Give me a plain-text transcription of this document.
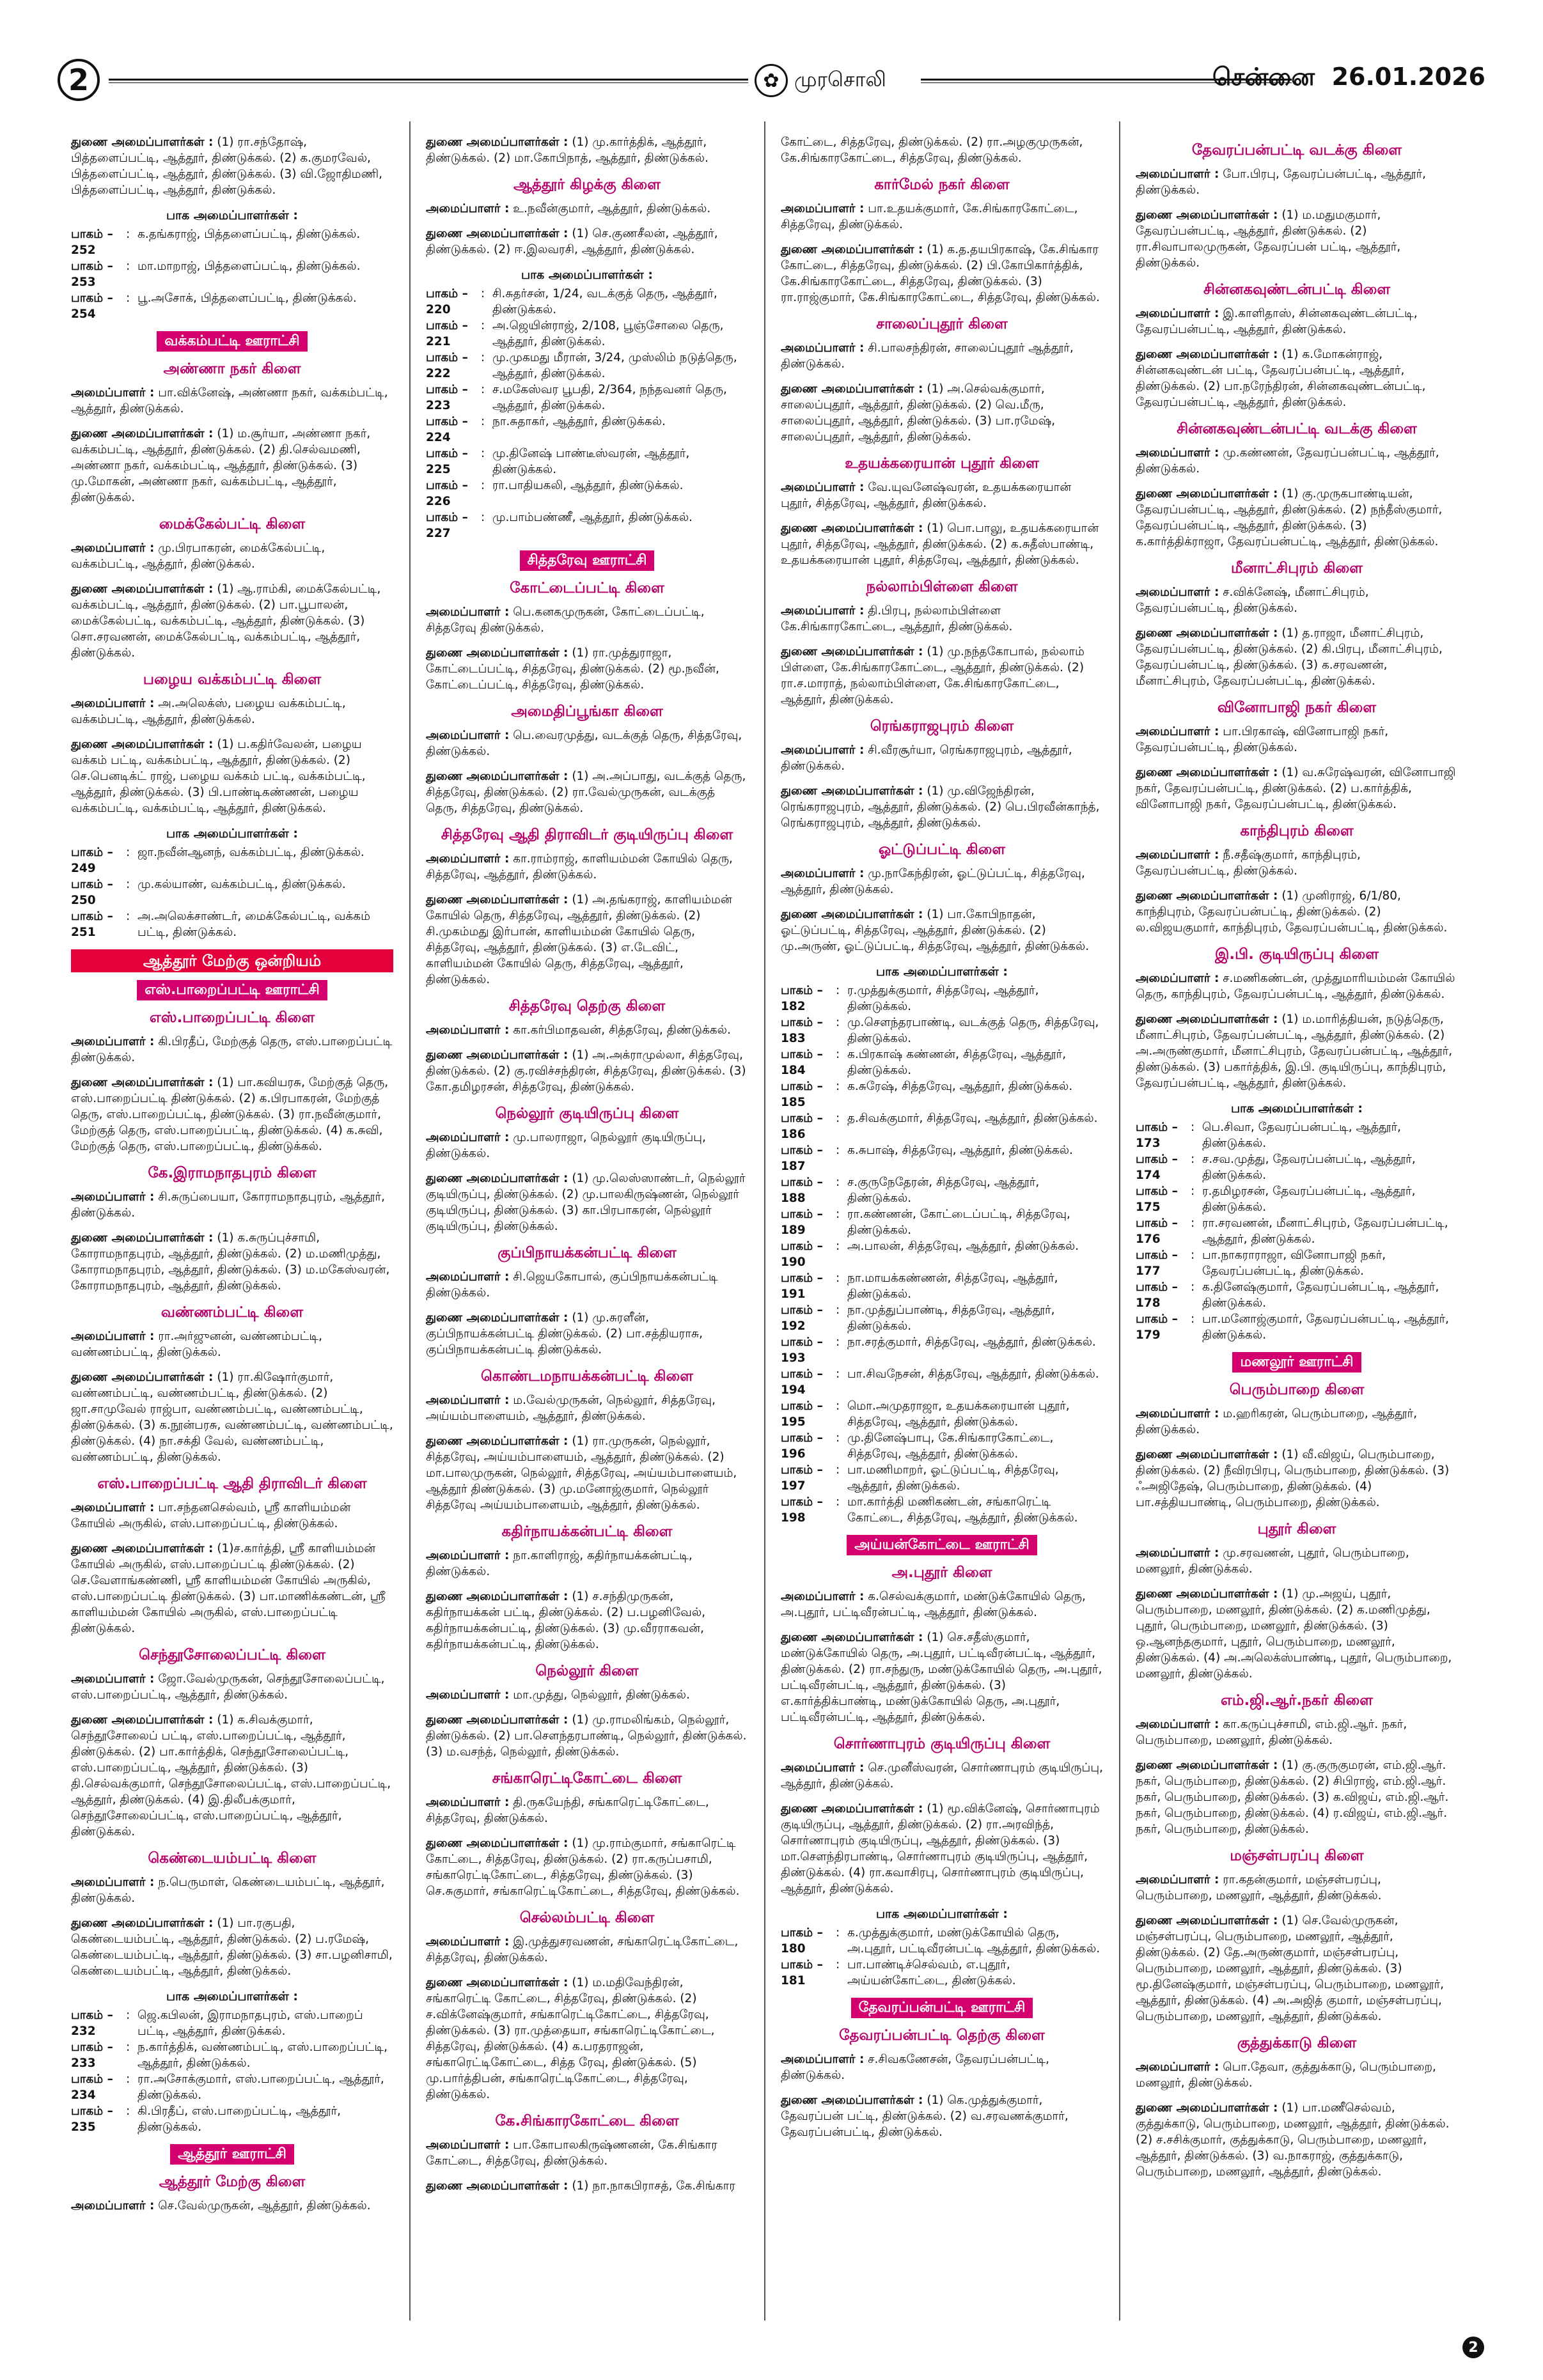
2	✿ முரசொலி	சென்னை 26.01.2026
துணை அமைப்பாளர்கள் : (1) ரா.சந்தோஷ், பித்தளைப்பட்டி, ஆத்தூர், திண்டுக்கல். (2) க.குமரவேல், பித்தளைப்பட்டி, ஆத்தூர், திண்டுக்கல். (3) வி.ஜோதிமணி, பித்தளைப்பட்டி, ஆத்தூர், திண்டுக்கல்.
பாக அமைப்பாளர்கள் :
பாகம் – 252
: க.தங்கராஜ், பித்தளைப்பட்டி, திண்டுக்கல்.
பாகம் – 253
: மா.மாறாஜ், பித்தளைப்பட்டி, திண்டுக்கல்.
பாகம் – 254
: பூ.அசோக், பித்தளைப்பட்டி, திண்டுக்கல்.
வக்கம்பட்டி ஊராட்சி
அண்ணா நகர் கிளை
அமைப்பாளர் : பா.விக்னேஷ், அண்ணா நகர், வக்கம்பட்டி, ஆத்தூர், திண்டுக்கல்.
துணை அமைப்பாளர்கள் : (1) ம.சூர்யா, அண்ணா நகர், வக்கம்பட்டி, ஆத்தூர், திண்டுக்கல். (2) தி.செல்வமணி, அண்ணா நகர், வக்கம்பட்டி, ஆத்தூர், திண்டுக்கல். (3) மு.மோகன், அண்ணா நகர், வக்கம்பட்டி, ஆத்தூர், திண்டுக்கல்.
மைக்கேல்பட்டி கிளை
அமைப்பாளர் : மு.பிரபாகரன், மைக்கேல்பட்டி, வக்கம்பட்டி, ஆத்தூர், திண்டுக்கல்.
துணை அமைப்பாளர்கள் : (1) ஆ.ராம்கி, மைக்கேல்பட்டி, வக்கம்பட்டி, ஆத்தூர், திண்டுக்கல். (2) பா.பூபாலன், மைக்கேல்பட்டி, வக்கம்பட்டி, ஆத்தூர், திண்டுக்கல். (3) சொ.சரவணன், மைக்கேல்பட்டி, வக்கம்பட்டி, ஆத்தூர், திண்டுக்கல்.
பழைய வக்கம்பட்டி கிளை
அமைப்பாளர் : அ.அலெக்ஸ், பழைய வக்கம்பட்டி, வக்கம்பட்டி, ஆத்தூர், திண்டுக்கல்.
துணை அமைப்பாளர்கள் : (1) ப.கதிர்வேலன், பழைய வக்கம் பட்டி, வக்கம்பட்டி, ஆத்தூர், திண்டுக்கல். (2) செ.பெனடிக்ட் ராஜ், பழைய வக்கம் பட்டி, வக்கம்பட்டி, ஆத்தூர், திண்டுக்கல். (3) பி.பாண்டிகண்ணன், பழைய வக்கம்பட்டி, வக்கம்பட்டி, ஆத்தூர், திண்டுக்கல்.
பாக அமைப்பாளர்கள் :
பாகம் – 249
: ஜா.நவீன்ஆனந், வக்கம்பட்டி, திண்டுக்கல்.
பாகம் – 250
: மு.கல்யாண், வக்கம்பட்டி, திண்டுக்கல்.
பாகம் – 251
: அ.அலெக்சாண்டர், மைக்கேல்பட்டி, வக்கம் பட்டி, திண்டுக்கல்.
ஆத்தூர் மேற்கு ஒன்றியம்
எஸ்.பாறைப்பட்டி ஊராட்சி
எஸ்.பாறைப்பட்டி கிளை
அமைப்பாளர் : கி.பிரதீப், மேற்குத் தெரு, எஸ்.பாறைப்பட்டி திண்டுக்கல்.
துணை அமைப்பாளர்கள் : (1) பா.கவியரசு, மேற்குத் தெரு, எஸ்.பாறைப்பட்டி திண்டுக்கல். (2) க.பிரபாகரன், மேற்குத் தெரு, எஸ்.பாறைப்பட்டி, திண்டுக்கல். (3) ரா.நவீன்குமார், மேற்குத் தெரு, எஸ்.பாறைப்பட்டி, திண்டுக்கல். (4) க.சுவி, மேற்குத் தெரு, எஸ்.பாறைப்பட்டி, திண்டுக்கல்.
கே.இராமநாதபுரம் கிளை
அமைப்பாளர் : சி.சுருப்பையா, கோராமநாதபுரம், ஆத்தூர், திண்டுக்கல்.
துணை அமைப்பாளர்கள் : (1) க.சுருப்புச்சாமி, கோராமநாதபுரம், ஆத்தூர், திண்டுக்கல். (2) ம.மணிமுத்து, கோராமநாதபுரம், ஆத்தூர், திண்டுக்கல். (3) ம.மகேஸ்வரன், கோராமநாதபுரம், ஆத்தூர், திண்டுக்கல்.
வண்ணம்பட்டி கிளை
அமைப்பாளர் : ரா.அர்ஜுனன், வண்ணம்பட்டி, வண்ணம்பட்டி, திண்டுக்கல்.
துணை அமைப்பாளர்கள் : (1) ரா.கிஷோர்குமார், வண்ணம்பட்டி, வண்ணம்பட்டி, திண்டுக்கல். (2) ஜா.சாமுவேல் ராஜ்பா, வண்ணம்பட்டி, வண்ணம்பட்டி, திண்டுக்கல். (3) க.நூன்பரசு, வண்ணம்பட்டி, வண்ணம்பட்டி, திண்டுக்கல். (4) நா.சக்தி வேல், வண்ணம்பட்டி, வண்ணம்பட்டி, திண்டுக்கல்.
எஸ்.பாறைப்பட்டி ஆதி திராவிடர் கிளை
அமைப்பாளர் : பா.சந்தனசெல்வம், ஸ்ரீ காளியம்மன் கோயில் அருகில், எஸ்.பாறைப்பட்டி, திண்டுக்கல்.
துணை அமைப்பாளர்கள் : (1)ச.கார்த்தி, ஸ்ரீ காளியம்மன் கோயில் அருகில், எஸ்.பாறைப்பட்டி திண்டுக்கல். (2) செ.வேளாங்கண்ணி, ஸ்ரீ காளியம்மன் கோயில் அருகில், எஸ்.பாறைப்பட்டி திண்டுக்கல். (3) பா.மாணிக்கண்டன், ஸ்ரீ காளியம்மன் கோயில் அருகில், எஸ்.பாறைப்பட்டி திண்டுக்கல்.
செந்தூசோலைப்பட்டி கிளை
அமைப்பாளர் : ஜோ.வேல்முருகன், செந்தூசோலைப்பட்டி, எஸ்.பாறைப்பட்டி, ஆத்தூர், திண்டுக்கல்.
துணை அமைப்பாளர்கள் : (1) க.சிவக்குமார், செந்தூசோலைப் பட்டி, எஸ்.பாறைப்பட்டி, ஆத்தூர், திண்டுக்கல். (2) பா.கார்த்திக், செந்தூசோலைப்பட்டி, எஸ்.பாறைப்பட்டி, ஆத்தூர், திண்டுக்கல். (3) தி.செல்வக்குமார், செந்தூசோலைப்பட்டி, எஸ்.பாறைப்பட்டி, ஆத்தூர், திண்டுக்கல். (4) இ.திலீபக்குமார், செந்தூசோலைப்பட்டி, எஸ்.பாறைப்பட்டி, ஆத்தூர், திண்டுக்கல்.
கெண்டையம்பட்டி கிளை
அமைப்பாளர் : ந.பெருமாள், கெண்டையம்பட்டி, ஆத்தூர், திண்டுக்கல்.
துணை அமைப்பாளர்கள் : (1) பா.ரகுபதி, கெண்டையம்பட்டி, ஆத்தூர், திண்டுக்கல். (2) ப.ரமேஷ், கெண்டையம்பட்டி, ஆத்தூர், திண்டுக்கல். (3) சா.பழனிசாமி, கெண்டையம்பட்டி, ஆத்தூர், திண்டுக்கல்.
பாக அமைப்பாளர்கள் :
பாகம் – 232
: ஜெ.கபிலன், இராமநாதபுரம், எஸ்.பாறைப் பட்டி, ஆத்தூர், திண்டுக்கல்.
பாகம் – 233
: ந.கார்த்திக், வண்ணம்பட்டி, எஸ்.பாறைப்பட்டி, ஆத்தூர், திண்டுக்கல்.
பாகம் – 234
: ரா.அசோக்குமார், எஸ்.பாறைப்பட்டி, ஆத்தூர், திண்டுக்கல்.
பாகம் – 235
: கி.பிரதீப், எஸ்.பாறைப்பட்டி, ஆத்தூர், திண்டுக்கல்.
ஆத்தூர் ஊராட்சி
ஆத்தூர் மேற்கு கிளை
அமைப்பாளர் : செ.வேல்முருகன், ஆத்தூர், திண்டுக்கல்.
துணை அமைப்பாளர்கள் : (1) மு.கார்த்திக், ஆத்தூர், திண்டுக்கல். (2) மா.கோபிநாத், ஆத்தூர், திண்டுக்கல்.
ஆத்தூர் கிழக்கு கிளை
அமைப்பாளர் : உ.நவீன்குமார், ஆத்தூர், திண்டுக்கல்.
துணை அமைப்பாளர்கள் : (1) செ.குணசீலன், ஆத்தூர், திண்டுக்கல். (2) ஈ.இலவரசி, ஆத்தூர், திண்டுக்கல்.
பாக அமைப்பாளர்கள் :
பாகம் – 220
: சி.சுதர்சன், 1/24, வடக்குத் தெரு, ஆத்தூர், திண்டுக்கல்.
பாகம் – 221
: அ.ஜெயின்ராஜ், 2/108, பூஞ்சோலை தெரு, ஆத்தூர், திண்டுக்கல்.
பாகம் – 222
: மு.முகமது மீரான், 3/24, முஸ்லிம் நடுத்தெரு, ஆத்தூர், திண்டுக்கல்.
பாகம் – 223
: ச.மகேஸ்வர பூபதி, 2/364, நந்தவனர் தெரு, ஆத்தூர், திண்டுக்கல்.
பாகம் – 224
: நா.சுதாகர், ஆத்தூர், திண்டுக்கல்.
பாகம் – 225
: மு.தினேஷ் பாண்டீஸ்வரன், ஆத்தூர், திண்டுக்கல்.
பாகம் – 226
: ரா.பாதியகலி, ஆத்தூர், திண்டுக்கல்.
பாகம் – 227
: மு.பாம்பண்ணீ, ஆத்தூர், திண்டுக்கல்.
சித்தரேவு ஊராட்சி
கோட்டைப்பட்டி கிளை
அமைப்பாளர் : பெ.கனகமுருகன், கோட்டைப்பட்டி, சித்தரேவு திண்டுக்கல்.
துணை அமைப்பாளர்கள் : (1) ரா.முத்துராஜா, கோட்டைப்பட்டி, சித்தரேவு, திண்டுக்கல். (2) மூ.நவீன், கோட்டைப்பட்டி, சித்தரேவு, திண்டுக்கல்.
அமைதிப்பூங்கா கிளை
அமைப்பாளர் : பெ.வைரமுத்து, வடக்குத் தெரு, சித்தரேவு, திண்டுக்கல்.
துணை அமைப்பாளர்கள் : (1) அ.அப்பாது, வடக்குத் தெரு, சித்தரேவு, திண்டுக்கல். (2) ரா.வேல்முருகன், வடக்குத் தெரு, சித்தரேவு, திண்டுக்கல்.
சித்தரேவு ஆதி திராவிடர் குடியிருப்பு கிளை
அமைப்பாளர் : கா.ராம்ராஜ், காளியம்மன் கோயில் தெரு, சித்தரேவு, ஆத்தூர், திண்டுக்கல்.
துணை அமைப்பாளர்கள் : (1) அ.தங்கராஜ், காளியம்மன் கோயில் தெரு, சித்தரேவு, ஆத்தூர், திண்டுக்கல். (2) சி.முகம்மது இர்பான், காளியம்மன் கோயில் தெரு, சித்தரேவு, ஆத்தூர், திண்டுக்கல். (3) எ.டேவிட், காளியம்மன் கோயில் தெரு, சித்தரேவு, ஆத்தூர், திண்டுக்கல்.
சித்தரேவு தெற்கு கிளை
அமைப்பாளர் : கா.கர்பிமாதவன், சித்தரேவு, திண்டுக்கல்.
துணை அமைப்பாளர்கள் : (1) அ.அக்ராமுல்லா, சித்தரேவு, திண்டுக்கல். (2) கு.ரவிச்சந்திரன், சித்தரேவு, திண்டுக்கல். (3) கோ.தமிழரசன், சித்தரேவு, திண்டுக்கல்.
நெல்லூர் குடியிருப்பு கிளை
அமைப்பாளர் : மு.பாலராஜா, நெல்லூர் குடியிருப்பு, திண்டுக்கல்.
துணை அமைப்பாளர்கள் : (1) மு.லெஸ்ஸாண்டர், நெல்லூர் குடியிருப்பு, திண்டுக்கல். (2) மு.பாலகிருஷ்ணன், நெல்லூர் குடியிருப்பு, திண்டுக்கல். (3) கா.பிரபாகரன், நெல்லூர் குடியிருப்பு, திண்டுக்கல்.
குப்பிநாயக்கன்பட்டி கிளை
அமைப்பாளர் : சி.ஜெயகோபால், குப்பிநாயக்கன்பட்டி திண்டுக்கல்.
துணை அமைப்பாளர்கள் : (1) மு.சுரளீன், குப்பிநாயக்கன்பட்டி திண்டுக்கல். (2) பா.சத்தியராசு, குப்பிநாயக்கன்பட்டி திண்டுக்கல்.
கொண்டமநாயக்கன்பட்டி கிளை
அமைப்பாளர் : ம.வேல்முருகன், நெல்லூர், சித்தரேவு, அய்யம்பாளையம், ஆத்தூர், திண்டுக்கல்.
துணை அமைப்பாளர்கள் : (1) ரா.முருகன், நெல்லூர், சித்தரேவு, அய்யம்பாளையம், ஆத்தூர், திண்டுக்கல். (2) மா.பாலமுருகன், நெல்லூர், சித்தரேவு, அய்யம்பாளையம், ஆத்தூர் திண்டுக்கல். (3) மு.மனோஜ்குமார், நெல்லூர் சித்தரேவு அய்யம்பாளையம், ஆத்தூர், திண்டுக்கல்.
கதிர்நாயக்கன்பட்டி கிளை
அமைப்பாளர் : நா.காளிராஜ், கதிர்நாயக்கன்பட்டி, திண்டுக்கல்.
துணை அமைப்பாளர்கள் : (1) ச.சந்திமுருகன், கதிர்நாயக்கன் பட்டி, திண்டுக்கல். (2) ப.பழனிவேல், கதிர்நாயக்கன்பட்டி, திண்டுக்கல். (3) மு.வீரராகவன், கதிர்நாயக்கன்பட்டி, திண்டுக்கல்.
நெல்லூர் கிளை
அமைப்பாளர் : மா.முத்து, நெல்லூர், திண்டுக்கல்.
துணை அமைப்பாளர்கள் : (1) மு.ராமலிங்கம், நெல்லூர், திண்டுக்கல். (2) பா.சௌந்தரபாண்டி, நெல்லூர், திண்டுக்கல். (3) ம.வசந்த், நெல்லூர், திண்டுக்கல்.
சங்காரெட்டிகோட்டை கிளை
அமைப்பாளர் : தி.ருகயேந்தி, சங்காரெட்டிகோட்டை, சித்தரேவு, திண்டுக்கல்.
துணை அமைப்பாளர்கள் : (1) மு.ராம்குமார், சங்காரெட்டி கோட்டை, சித்தரேவு, திண்டுக்கல். (2) ரா.கருப்பசாமி, சங்காரெட்டிகோட்டை, சித்தரேவு, திண்டுக்கல். (3) செ.சுகுமார், சங்காரெட்டிகோட்டை, சித்தரேவு, திண்டுக்கல்.
செல்லம்பட்டி கிளை
அமைப்பாளர் : இ.முத்துசரவணன், சங்காரெட்டிகோட்டை, சித்தரேவு, திண்டுக்கல்.
துணை அமைப்பாளர்கள் : (1) ம.மதிவேந்திரன், சங்காரெட்டி கோட்டை, சித்தரேவு, திண்டுக்கல். (2) ச.விக்னேஷ்குமார், சங்காரெட்டிகோட்டை, சித்தரேவு, திண்டுக்கல். (3) ரா.முத்தையா, சங்காரெட்டிகோட்டை, சித்தரேவு, திண்டுக்கல். (4) க.பரதராஜன், சங்காரெட்டிகோட்டை, சித்த ரேவு, திண்டுக்கல். (5) மு.பார்த்திபன், சங்காரெட்டிகோட்டை, சித்தரேவு, திண்டுக்கல்.
கே.சிங்காரகோட்டை கிளை
அமைப்பாளர் : பா.கோபாலகிருஷ்ணனன், கே.சிங்கார கோட்டை, சித்தரேவு, திண்டுக்கல்.
துணை அமைப்பாளர்கள் : (1) நா.நாகபிராசத், கே.சிங்கார
கோட்டை, சித்தரேவு, திண்டுக்கல். (2) ரா.அழகுமுருகன், கே.சிங்காரகோட்டை, சித்தரேவு, திண்டுக்கல்.
கார்மேல் நகர் கிளை
அமைப்பாளர் : பா.உதயக்குமார், கே.சிங்காரகோட்டை, சித்தரேவு, திண்டுக்கல்.
துணை அமைப்பாளர்கள் : (1) க.த.தயபிரகாஷ், கே.சிங்கார கோட்டை, சித்தரேவு, திண்டுக்கல். (2) பி.கோபிகார்த்திக், கே.சிங்காரகோட்டை, சித்தரேவு, திண்டுக்கல். (3) ரா.ராஜ்குமார், கே.சிங்காரகோட்டை, சித்தரேவு, திண்டுக்கல்.
சாலைப்புதூர் கிளை
அமைப்பாளர் : சி.பாலசந்திரன், சாலைப்புதூர் ஆத்தூர், திண்டுக்கல்.
துணை அமைப்பாளர்கள் : (1) அ.செல்வக்குமார், சாலைப்புதூர், ஆத்தூர், திண்டுக்கல். (2) வெ.மீரு, சாலைப்புதூர், ஆத்தூர், திண்டுக்கல். (3) பா.ரமேஷ், சாலைப்புதூர், ஆத்தூர், திண்டுக்கல்.
உதயக்கரையான் புதூர் கிளை
அமைப்பாளர் : வே.யுவனேஷ்வரன், உதயக்கரையான் புதூர், சித்தரேவு, ஆத்தூர், திண்டுக்கல்.
துணை அமைப்பாளர்கள் : (1) பொ.பாலு, உதயக்கரையான் புதூர், சித்தரேவு, ஆத்தூர், திண்டுக்கல். (2) க.சுதீஸ்பாண்டி, உதயக்கரையான் புதூர், சித்தரேவு, ஆத்தூர், திண்டுக்கல்.
நல்லாம்பிள்ளை கிளை
அமைப்பாளர் : தி.பிரபு, நல்லாம்பிள்ளை கே.சிங்காரகோட்டை, ஆத்தூர், திண்டுக்கல்.
துணை அமைப்பாளர்கள் : (1) மு.நந்தகோபால், நல்லாம் பிள்ளை, கே.சிங்காரகோட்டை, ஆத்தூர், திண்டுக்கல். (2) ரா.ச.மாராத், நல்லாம்பிள்ளை, கே.சிங்காரகோட்டை, ஆத்தூர், திண்டுக்கல்.
ரெங்கராஜபுரம் கிளை
அமைப்பாளர் : சி.வீரசூர்யா, ரெங்கராஜபுரம், ஆத்தூர், திண்டுக்கல்.
துணை அமைப்பாளர்கள் : (1) மு.விஜேந்திரன், ரெங்கராஜபுரம், ஆத்தூர், திண்டுக்கல். (2) பெ.பிரவீன்காந்த், ரெங்கராஜபுரம், ஆத்தூர், திண்டுக்கல்.
ஓட்டுப்பட்டி கிளை
அமைப்பாளர் : மு.நாகேந்திரன், ஓட்டுப்பட்டி, சித்தரேவு, ஆத்தூர், திண்டுக்கல்.
துணை அமைப்பாளர்கள் : (1) பா.கோபிநாதன், ஓட்டுப்பட்டி, சித்தரேவு, ஆத்தூர், திண்டுக்கல். (2) மு.அருண், ஓட்டுப்பட்டி, சித்தரேவு, ஆத்தூர், திண்டுக்கல்.
பாக அமைப்பாளர்கள் :
பாகம் – 182
: ர.முத்துக்குமார், சித்தரேவு, ஆத்தூர், திண்டுக்கல்.
பாகம் – 183
: மு.சௌந்தரபாண்டி, வடக்குத் தெரு, சித்தரேவு, திண்டுக்கல்.
பாகம் – 184
: க.பிரகாஷ் கண்ணன், சித்தரேவு, ஆத்தூர், திண்டுக்கல்.
பாகம் – 185
: க.சுரேஷ், சித்தரேவு, ஆத்தூர், திண்டுக்கல்.
பாகம் – 186
: த.சிவக்குமார், சித்தரேவு, ஆத்தூர், திண்டுக்கல்.
பாகம் – 187
: க.சுபாஷ், சித்தரேவு, ஆத்தூர், திண்டுக்கல்.
பாகம் – 188
: ச.குருநேதேரன், சித்தரேவு, ஆத்தூர், திண்டுக்கல்.
பாகம் – 189
: ரா.கண்ணன், கோட்டைப்பட்டி, சித்தரேவு, திண்டுக்கல்.
பாகம் – 190
: அ.பாலன், சித்தரேவு, ஆத்தூர், திண்டுக்கல்.
பாகம் – 191
: நா.மாயக்கண்ணன், சித்தரேவு, ஆத்தூர், திண்டுக்கல்.
பாகம் – 192
: நா.முத்துப்பாண்டி, சித்தரேவு, ஆத்தூர், திண்டுக்கல்.
பாகம் – 193
: நா.சரத்குமார், சித்தரேவு, ஆத்தூர், திண்டுக்கல்.
பாகம் – 194
: பா.சிவநேசன், சித்தரேவு, ஆத்தூர், திண்டுக்கல்.
பாகம் – 195
: மொ.அமுதராஜா, உதயக்கரையான் புதூர், சித்தரேவு, ஆத்தூர், திண்டுக்கல்.
பாகம் – 196
: மு.தினேஷ்பாபு, கே.சிங்காரகோட்டை, சித்தரேவு, ஆத்தூர், திண்டுக்கல்.
பாகம் – 197
: பா.மணிமாறர், ஓட்டுப்பட்டி, சித்தரேவு, ஆத்தூர், திண்டுக்கல்.
பாகம் – 198
: மா.கார்த்தி மணிகண்டன், சங்காரெட்டி கோட்டை, சித்தரேவு, ஆத்தூர், திண்டுக்கல்.
அய்யன்கோட்டை ஊராட்சி
அ.புதூர் கிளை
அமைப்பாளர் : க.செல்வக்குமார், மண்டுக்கோயில் தெரு, அ.புதூர், பட்டிவீரன்பட்டி, ஆத்தூர், திண்டுக்கல்.
துணை அமைப்பாளர்கள் : (1) செ.சதீஸ்குமார், மண்டுக்கோயில் தெரு, அ.புதூர், பட்டிவீரன்பட்டி, ஆத்தூர், திண்டுக்கல். (2) ரா.சந்துரு, மண்டுக்கோயில் தெரு, அ.புதூர், பட்டிவீரன்பட்டி, ஆத்தூர், திண்டுக்கல். (3) எ.கார்த்திக்பாண்டி, மண்டுக்கோயில் தெரு, அ.புதூர், பட்டிவீரன்பட்டி, ஆத்தூர், திண்டுக்கல்.
சொர்ணாபுரம் குடியிருப்பு கிளை
அமைப்பாளர் : செ.முனீஸ்வரன், சொர்ணாபுரம் குடியிருப்பு, ஆத்தூர், திண்டுக்கல்.
துணை அமைப்பாளர்கள் : (1) மூ.விக்னேஷ், சொர்ணாபுரம் குடியிருப்பு, ஆத்தூர், திண்டுக்கல். (2) ரா.அரவிந்த், சொர்ணாபுரம் குடியிருப்பு, ஆத்தூர், திண்டுக்கல். (3) மா.சௌந்திரபாண்டி, சொர்ணாபுரம் குடியிருப்பு, ஆத்தூர், திண்டுக்கல். (4) ரா.கவாசிரபு, சொர்ணாபுரம் குடியிருப்பு, ஆத்தூர், திண்டுக்கல்.
பாக அமைப்பாளர்கள் :
பாகம் – 180
: க.முத்துக்குமார், மண்டுக்கோயில் தெரு, அ.புதூர், பட்டிவீரன்பட்டி ஆத்தூர், திண்டுக்கல்.
பாகம் – 181
: பா.பாண்டிச்செல்வம், எ.புதூர், அய்யன்கோட்டை, திண்டுக்கல்.
தேவரப்பன்பட்டி ஊராட்சி
தேவரப்பன்பட்டி தெற்கு கிளை
அமைப்பாளர் : ச.சிவகணேசன், தேவரப்பன்பட்டி, திண்டுக்கல்.
துணை அமைப்பாளர்கள் : (1) கெ.முத்துக்குமார், தேவரப்பன் பட்டி, திண்டுக்கல். (2) வ.சரவணக்குமார், தேவரப்பன்பட்டி, திண்டுக்கல்.
தேவரப்பன்பட்டி வடக்கு கிளை
அமைப்பாளர் : போ.பிரபு, தேவரப்பன்பட்டி, ஆத்தூர், திண்டுக்கல்.
துணை அமைப்பாளர்கள் : (1) ம.மதுமகுமார், தேவரப்பன்பட்டி, ஆத்தூர், திண்டுக்கல். (2) ரா.சிவாபாலமுருகன், தேவரப்பன் பட்டி, ஆத்தூர், திண்டுக்கல்.
சின்னகவுண்டன்பட்டி கிளை
அமைப்பாளர் : இ.காளிதாஸ், சின்னகவுண்டன்பட்டி, தேவரப்பன்பட்டி, ஆத்தூர், திண்டுக்கல்.
துணை அமைப்பாளர்கள் : (1) க.மோகன்ராஜ், சின்னகவுண்டன் பட்டி, தேவரப்பன்பட்டி, ஆத்தூர், திண்டுக்கல். (2) பா.நரேந்திரன், சின்னகவுண்டன்பட்டி, தேவரப்பன்பட்டி, ஆத்தூர், திண்டுக்கல்.
சின்னகவுண்டன்பட்டி வடக்கு கிளை
அமைப்பாளர் : மு.கண்ணன், தேவரப்பன்பட்டி, ஆத்தூர், திண்டுக்கல்.
துணை அமைப்பாளர்கள் : (1) கு.முருகபாண்டியன், தேவரப்பன்பட்டி, ஆத்தூர், திண்டுக்கல். (2) நந்தீஸ்குமார், தேவரப்பன்பட்டி, ஆத்தூர், திண்டுக்கல். (3) க.கார்த்திக்ராஜா, தேவரப்பன்பட்டி, ஆத்தூர், திண்டுக்கல்.
மீனாட்சிபுரம் கிளை
அமைப்பாளர் : ச.விக்னேஷ், மீனாட்சிபுரம், தேவரப்பன்பட்டி, திண்டுக்கல்.
துணை அமைப்பாளர்கள் : (1) த.ராஜா, மீனாட்சிபுரம், தேவரப்பன்பட்டி, திண்டுக்கல். (2) கி.பிரபு, மீனாட்சிபுரம், தேவரப்பன்பட்டி, திண்டுக்கல். (3) க.சரவணன், மீனாட்சிபுரம், தேவரப்பன்பட்டி, திண்டுக்கல்.
வினோபாஜி நகர் கிளை
அமைப்பாளர் : பா.பிரகாஷ், வினோபாஜி நகர், தேவரப்பன்பட்டி, திண்டுக்கல்.
துணை அமைப்பாளர்கள் : (1) வ.சுரேஷ்வரன், வினோபாஜி நகர், தேவரப்பன்பட்டி, திண்டுக்கல். (2) ப.கார்த்திக், வினோபாஜி நகர், தேவரப்பன்பட்டி, திண்டுக்கல்.
காந்திபுரம் கிளை
அமைப்பாளர் : நீ.சதீஷ்குமார், காந்திபுரம், தேவரப்பன்பட்டி, திண்டுக்கல்.
துணை அமைப்பாளர்கள் : (1) முனிராஜ், 6/1/80, காந்திபுரம், தேவரப்பன்பட்டி, திண்டுக்கல். (2) ல.விஜயகுமார், காந்திபுரம், தேவரப்பன்பட்டி, திண்டுக்கல்.
இ.பி. குடியிருப்பு கிளை
அமைப்பாளர் : ச.மணிகண்டன், முத்துமாரியம்மன் கோயில் தெரு, காந்திபுரம், தேவரப்பன்பட்டி, ஆத்தூர், திண்டுக்கல்.
துணை அமைப்பாளர்கள் : (1) ம.மாரித்தியன், நடுத்தெரு, மீனாட்சிபுரம், தேவரப்பன்பட்டி, ஆத்தூர், திண்டுக்கல். (2) அ.அருண்குமார், மீனாட்சிபுரம், தேவரப்பன்பட்டி, ஆத்தூர், திண்டுக்கல். (3) பகார்த்திக், இ.பி. குடியிருப்பு, காந்திபுரம், தேவரப்பன்பட்டி, ஆத்தூர், திண்டுக்கல்.
பாக அமைப்பாளர்கள் :
பாகம் – 173
: பெ.சிவா, தேவரப்பன்பட்டி, ஆத்தூர், திண்டுக்கல்.
பாகம் – 174
: ச.சவ.முத்து, தேவரப்பன்பட்டி, ஆத்தூர், திண்டுக்கல்.
பாகம் – 175
: ர.தமிழரசன், தேவரப்பன்பட்டி, ஆத்தூர், திண்டுக்கல்.
பாகம் – 176
: ரா.சரவணன், மீனாட்சிபுரம், தேவரப்பன்பட்டி, ஆத்தூர், திண்டுக்கல்.
பாகம் – 177
: பா.நாகராராஜா, வினோபாஜி நகர், தேவரப்பன்பட்டி, திண்டுக்கல்.
பாகம் – 178
: க.தினேஷ்குமார், தேவரப்பன்பட்டி, ஆத்தூர், திண்டுக்கல்.
பாகம் – 179
: பா.மனோஜ்குமார், தேவரப்பன்பட்டி, ஆத்தூர், திண்டுக்கல்.
மணலூர் ஊராட்சி
பெரும்பாறை கிளை
அமைப்பாளர் : ம.ஹரிகரன், பெரும்பாறை, ஆத்தூர், திண்டுக்கல்.
துணை அமைப்பாளர்கள் : (1) வீ.விஜய், பெரும்பாறை, திண்டுக்கல். (2) நீவிரபிரபு, பெரும்பாறை, திண்டுக்கல். (3) ஃஅஜிதேஷ், பெரும்பாறை, திண்டுக்கல். (4) பா.சத்தியபாண்டி, பெரும்பாறை, திண்டுக்கல்.
புதூர் கிளை
அமைப்பாளர் : மு.சரவணன், புதூர், பெரும்பாறை, மணலூர், திண்டுக்கல்.
துணை அமைப்பாளர்கள் : (1) மு.அஜய், புதூர், பெரும்பாறை, மணலூர், திண்டுக்கல். (2) க.மணிமுத்து, புதூர், பெரும்பாறை, மணலூர், திண்டுக்கல். (3) ஒ.ஆனந்தகுமார், புதூர், பெரும்பாறை, மணலூர், திண்டுக்கல். (4) அ.அலெக்ஸ்பாண்டி, புதூர், பெரும்பாறை, மணலூர், திண்டுக்கல்.
எம்.ஜி.ஆர்.நகர் கிளை
அமைப்பாளர் : கா.கருப்புச்சாமி, எம்.ஜி.ஆர். நகர், பெரும்பாறை, மணலூர், திண்டுக்கல்.
துணை அமைப்பாளர்கள் : (1) கு.குருகுமரன், எம்.ஜி.ஆர். நகர், பெரும்பாறை, திண்டுக்கல். (2) சிபிராஜ், எம்.ஜி.ஆர். நகர், பெரும்பாறை, திண்டுக்கல். (3) க.விஜய், எம்.ஜி.ஆர். நகர், பெரும்பாறை, திண்டுக்கல். (4) ர.விஜய், எம்.ஜி.ஆர். நகர், பெரும்பாறை, திண்டுக்கல்.
மஞ்சள்பரப்பு கிளை
அமைப்பாளர் : ரா.கதன்குமார், மஞ்சள்பரப்பு, பெரும்பாறை, மணலூர், ஆத்தூர், திண்டுக்கல்.
துணை அமைப்பாளர்கள் : (1) செ.வேல்முருகன், மஞ்சள்பரப்பு, பெரும்பாறை, மணலூர், ஆத்தூர், திண்டுக்கல். (2) தே.அருண்குமார், மஞ்சள்பரப்பு, பெரும்பாறை, மணலூர், ஆத்தூர், திண்டுக்கல். (3) மூ.தினேஷ்குமார், மஞ்சள்பரப்பு, பெரும்பாறை, மணலூர், ஆத்தூர், திண்டுக்கல். (4) அ.அஜித் குமார், மஞ்சள்பரப்பு, பெரும்பாறை, மணலூர், ஆத்தூர், திண்டுக்கல்.
குத்துக்காடு கிளை
அமைப்பாளர் : பொ.தேவா, குத்துக்காடு, பெரும்பாறை, மணலூர், திண்டுக்கல்.
துணை அமைப்பாளர்கள் : (1) பா.மணீசெல்வம், குத்துக்காடு, பெரும்பாறை, மணலூர், ஆத்தூர், திண்டுக்கல். (2) ச.சசிக்குமார், குத்துக்காடு, பெரும்பாறை, மணலூர், ஆத்தூர், திண்டுக்கல். (3) வ.நாகராஜ், குத்துக்காடு, பெரும்பாறை, மணலூர், ஆத்தூர், திண்டுக்கல்.
2
